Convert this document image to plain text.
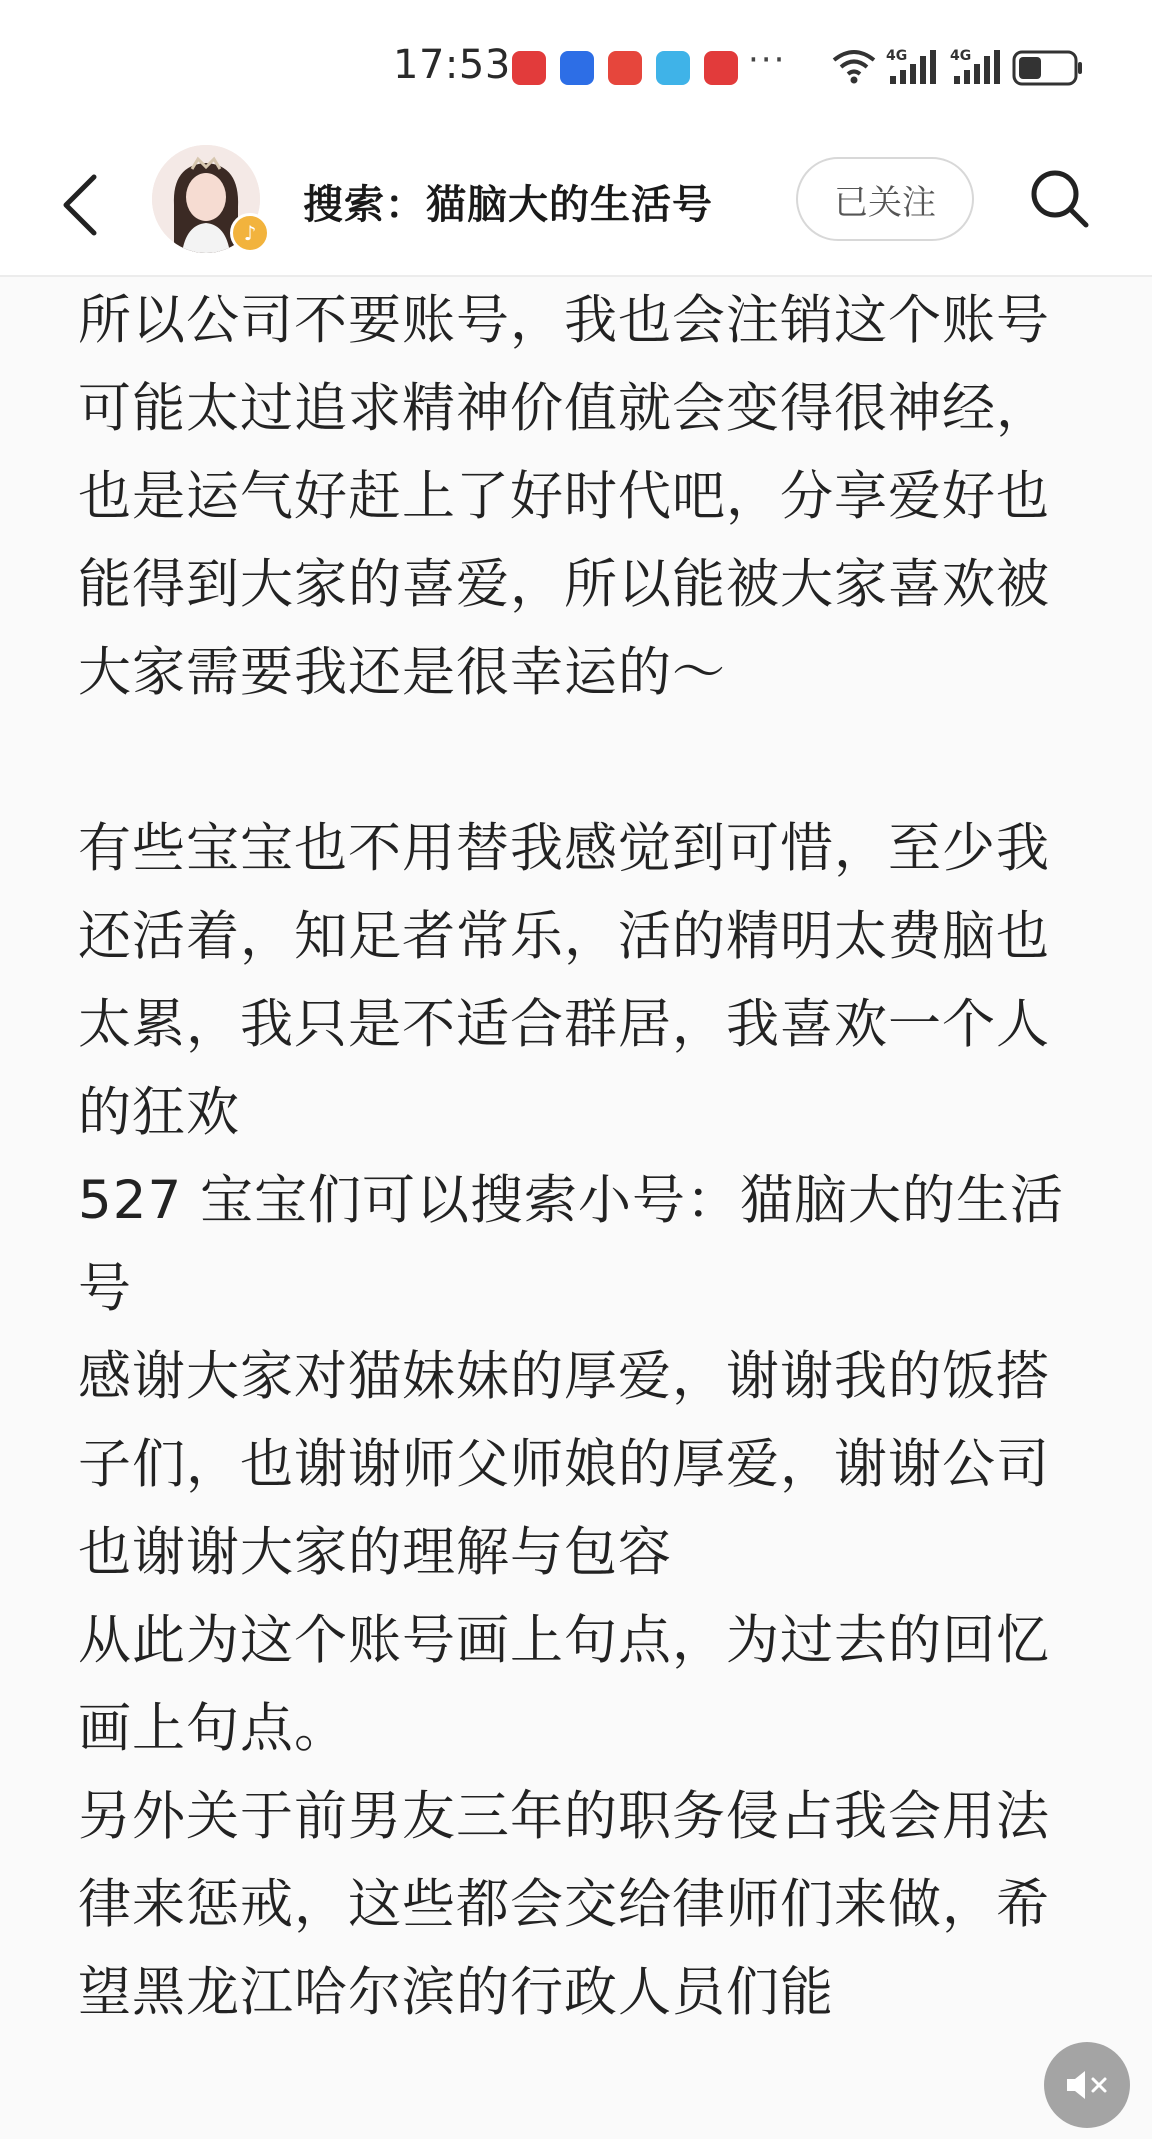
17:53	···	4G	4G
♪
搜索：猫脑大的生活号	已关注
所以公司不要账号，我也会注销这个账号
可能太过追求精神价值就会变得很神经，也是运气好赶上了好时代吧，分享爱好也能得到大家的喜爱，所以能被大家喜欢被大家需要我还是很幸运的～
有些宝宝也不用替我感觉到可惜，至少我还活着，知足者常乐，活的精明太费脑也太累，我只是不适合群居，我喜欢一个人的狂欢
527 宝宝们可以搜索小号：猫脑大的生活号
感谢大家对猫妹妹的厚爱，谢谢我的饭搭子们，也谢谢师父师娘的厚爱，谢谢公司也谢谢大家的理解与包容
从此为这个账号画上句点，为过去的回忆画上句点。
另外关于前男友三年的职务侵占我会用法律来惩戒，这些都会交给律师们来做，希望黑龙江哈尔滨的行政人员们能
